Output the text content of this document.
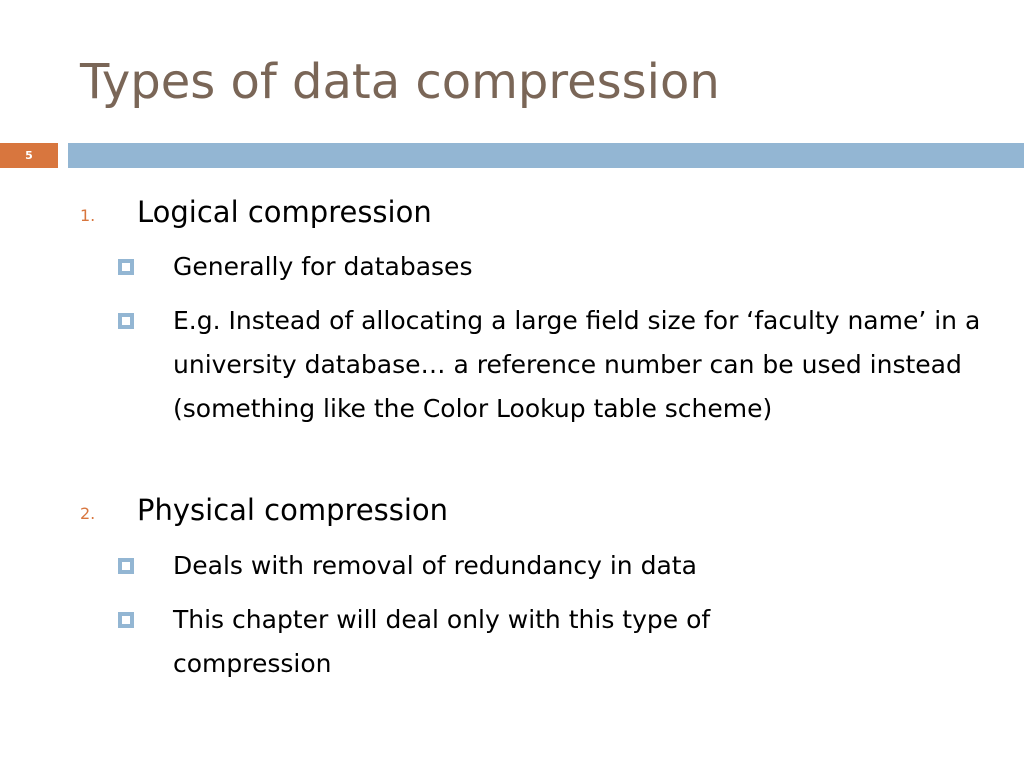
Types of data compression
5
1. Logical compression
Generally for databases
E.g. Instead of allocating a large field size for ‘faculty name’ in a university database… a reference number can be used instead (something like the Color Lookup table scheme)
2. Physical compression
Deals with removal of redundancy in data
This chapter will deal only with this type of compression
